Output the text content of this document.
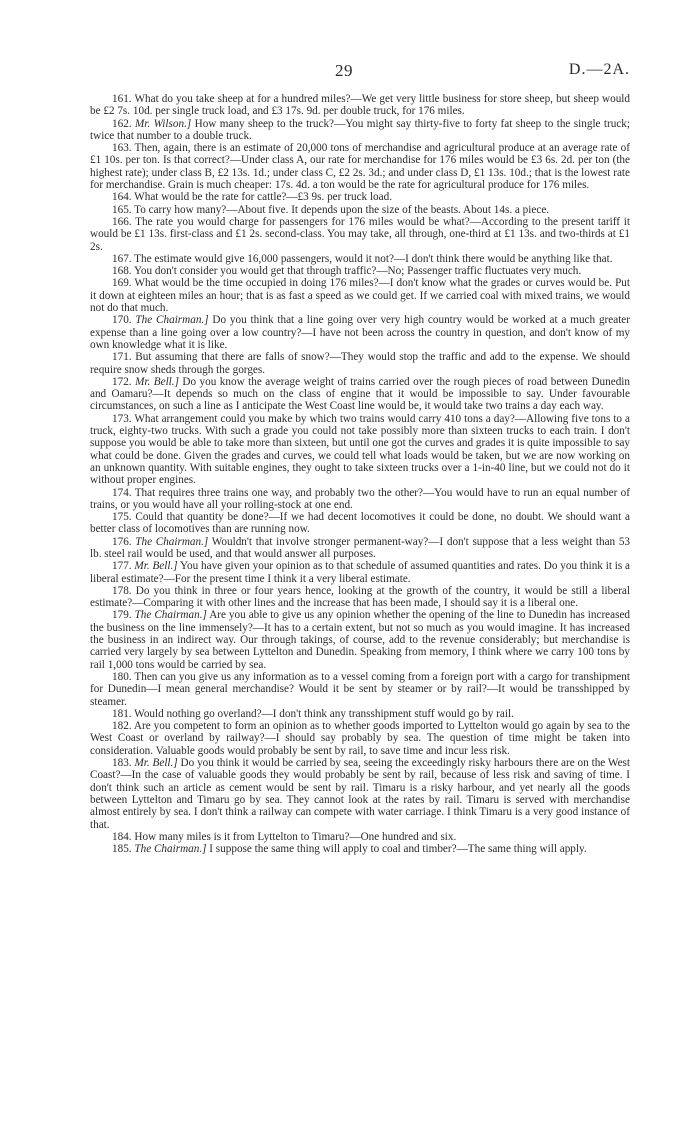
29	D.—2A.

161. What do you take sheep at for a hundred miles?—We get very little business for store sheep, but sheep would be £2 7s. 10d. per single truck load, and £3 17s. 9d. per double truck, for 176 miles.

162. Mr. Wilson.] How many sheep to the truck?—You might say thirty-five to forty fat sheep to the single truck; twice that number to a double truck.

163. Then, again, there is an estimate of 20,000 tons of merchandise and agricultural produce at an average rate of £1 10s. per ton. Is that correct?—Under class A, our rate for merchandise for 176 miles would be £3 6s. 2d. per ton (the highest rate); under class B, £2 13s. 1d.; under class C, £2 2s. 3d.; and under class D, £1 13s. 10d.; that is the lowest rate for merchandise. Grain is much cheaper: 17s. 4d. a ton would be the rate for agricultural produce for 176 miles.

164. What would be the rate for cattle?—£3 9s. per truck load.

165. To carry how many?—About five. It depends upon the size of the beasts. About 14s. a piece.

166. The rate you would charge for passengers for 176 miles would be what?—According to the present tariff it would be £1 13s. first-class and £1 2s. second-class. You may take, all through, one-third at £1 13s. and two-thirds at £1 2s.

167. The estimate would give 16,000 passengers, would it not?—I don't think there would be anything like that.

168. You don't consider you would get that through traffic?—No; Passenger traffic fluctuates very much.

169. What would be the time occupied in doing 176 miles?—I don't know what the grades or curves would be. Put it down at eighteen miles an hour; that is as fast a speed as we could get. If we carried coal with mixed trains, we would not do that much.

170. The Chairman.] Do you think that a line going over very high country would be worked at a much greater expense than a line going over a low country?—I have not been across the country in question, and don't know of my own knowledge what it is like.

171. But assuming that there are falls of snow?—They would stop the traffic and add to the expense. We should require snow sheds through the gorges.

172. Mr. Bell.] Do you know the average weight of trains carried over the rough pieces of road between Dunedin and Oamaru?—It depends so much on the class of engine that it would be impossible to say. Under favourable circumstances, on such a line as I anticipate the West Coast line would be, it would take two trains a day each way.

173. What arrangement could you make by which two trains would carry 410 tons a day?—Allowing five tons to a truck, eighty-two trucks. With such a grade you could not take possibly more than sixteen trucks to each train. I don't suppose you would be able to take more than sixteen, but until one got the curves and grades it is quite impossible to say what could be done. Given the grades and curves, we could tell what loads would be taken, but we are now working on an unknown quantity. With suitable engines, they ought to take sixteen trucks over a 1-in-40 line, but we could not do it without proper engines.

174. That requires three trains one way, and probably two the other?—You would have to run an equal number of trains, or you would have all your rolling-stock at one end.

175. Could that quantity be done?—If we had decent locomotives it could be done, no doubt. We should want a better class of locomotives than are running now.

176. The Chairman.] Wouldn't that involve stronger permanent-way?—I don't suppose that a less weight than 53 lb. steel rail would be used, and that would answer all purposes.

177. Mr. Bell.] You have given your opinion as to that schedule of assumed quantities and rates. Do you think it is a liberal estimate?—For the present time I think it a very liberal estimate.

178. Do you think in three or four years hence, looking at the growth of the country, it would be still a liberal estimate?—Comparing it with other lines and the increase that has been made, I should say it is a liberal one.

179. The Chairman.] Are you able to give us any opinion whether the opening of the line to Dunedin has increased the business on the line immensely?—It has to a certain extent, but not so much as you would imagine. It has increased the business in an indirect way. Our through takings, of course, add to the revenue considerably; but merchandise is carried very largely by sea between Lyttelton and Dunedin. Speaking from memory, I think where we carry 100 tons by rail 1,000 tons would be carried by sea.

180. Then can you give us any information as to a vessel coming from a foreign port with a cargo for transhipment for Dunedin—I mean general merchandise? Would it be sent by steamer or by rail?—It would be transshipped by steamer.

181. Would nothing go overland?—I don't think any transshipment stuff would go by rail.

182. Are you competent to form an opinion as to whether goods imported to Lyttelton would go again by sea to the West Coast or overland by railway?—I should say probably by sea. The question of time might be taken into consideration. Valuable goods would probably be sent by rail, to save time and incur less risk.

183. Mr. Bell.] Do you think it would be carried by sea, seeing the exceedingly risky harbours there are on the West Coast?—In the case of valuable goods they would probably be sent by rail, because of less risk and saving of time. I don't think such an article as cement would be sent by rail. Timaru is a risky harbour, and yet nearly all the goods between Lyttelton and Timaru go by sea. They cannot look at the rates by rail. Timaru is served with merchandise almost entirely by sea. I don't think a railway can compete with water carriage. I think Timaru is a very good instance of that.

184. How many miles is it from Lyttelton to Timaru?—One hundred and six.

185. The Chairman.] I suppose the same thing will apply to coal and timber?—The same thing will apply.
